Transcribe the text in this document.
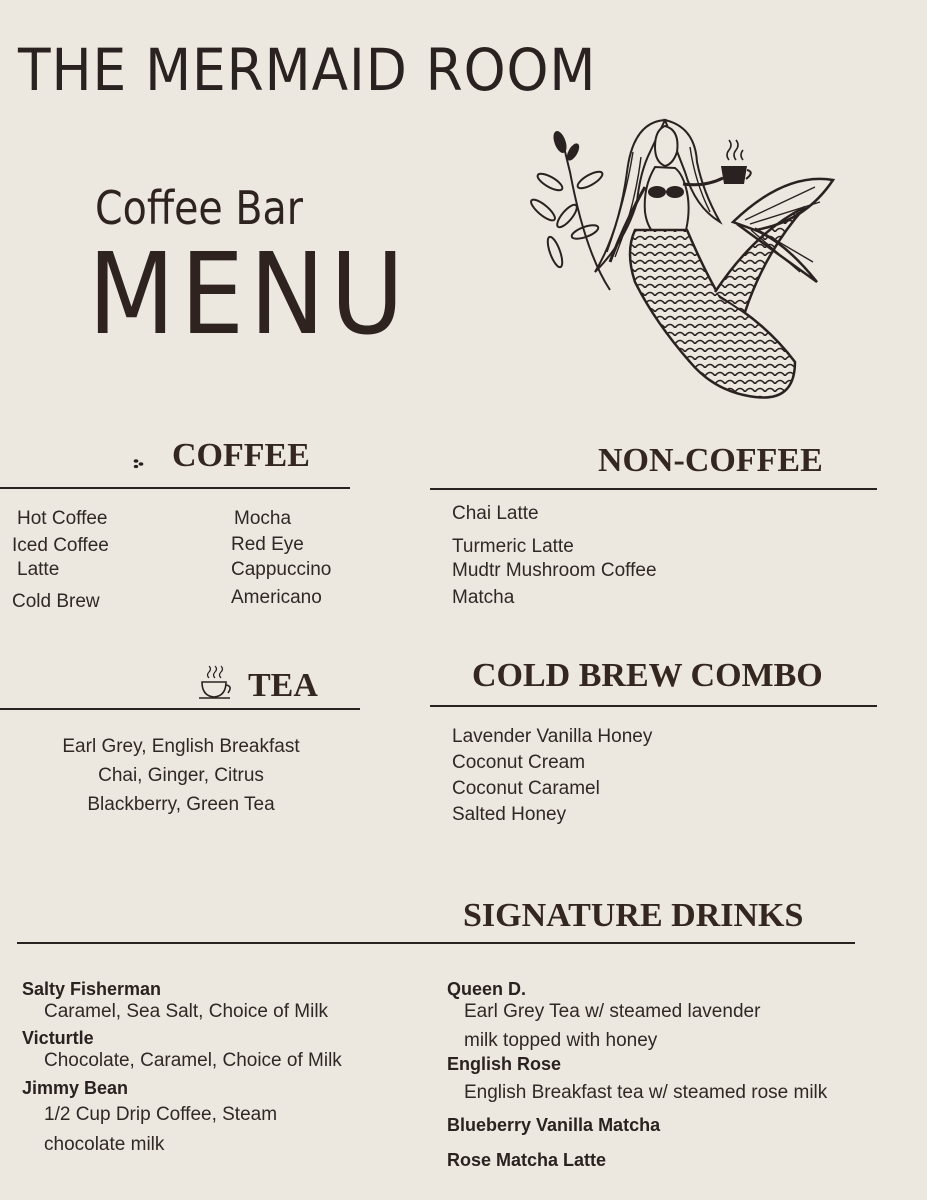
THE MERMAID ROOM
Coffee Bar
MENU
COFFEE
Hot Coffee
Iced Coffee
Latte
Cold Brew
Mocha
Red Eye
Cappuccino
Americano
NON-COFFEE
Chai Latte
Turmeric Latte
Mudtr Mushroom Coffee
Matcha
TEA
Earl Grey, English Breakfast
Chai, Ginger, Citrus
Blackberry, Green Tea
COLD BREW COMBO
Lavender Vanilla Honey
Coconut Cream
Coconut Caramel
Salted Honey
SIGNATURE DRINKS
Salty Fisherman
Caramel, Sea Salt, Choice of Milk
Victurtle
Chocolate, Caramel, Choice of Milk
Jimmy Bean
1/2 Cup Drip Coffee, Steam
chocolate milk
Queen D.
Earl Grey Tea w/ steamed lavender
milk topped with honey
English Rose
English Breakfast tea w/ steamed rose milk
Blueberry Vanilla Matcha
Rose Matcha Latte
